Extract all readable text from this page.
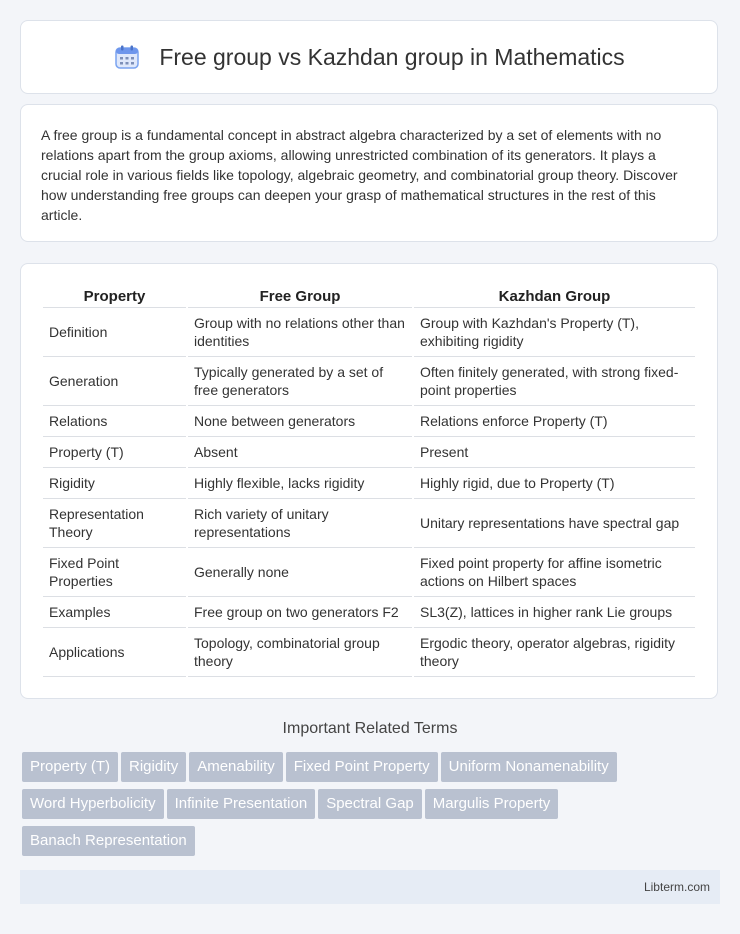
Free group vs Kazhdan group in Mathematics

A free group is a fundamental concept in abstract algebra characterized by a set of elements with no relations apart from the group axioms, allowing unrestricted combination of its generators. It plays a crucial role in various fields like topology, algebraic geometry, and combinatorial group theory. Discover how understanding free groups can deepen your grasp of mathematical structures in the rest of this article.

Property	Free Group	Kazhdan Group
Definition	Group with no relations other than identities	Group with Kazhdan's Property (T), exhibiting rigidity
Generation	Typically generated by a set of free generators	Often finitely generated, with strong fixed-point properties
Relations	None between generators	Relations enforce Property (T)
Property (T)	Absent	Present
Rigidity	Highly flexible, lacks rigidity	Highly rigid, due to Property (T)
Representation Theory	Rich variety of unitary representations	Unitary representations have spectral gap
Fixed Point Properties	Generally none	Fixed point property for affine isometric actions on Hilbert spaces
Examples	Free group on two generators F2	SL3(Z), lattices in higher rank Lie groups
Applications	Topology, combinatorial group theory	Ergodic theory, operator algebras, rigidity theory
Important Related Terms
Property (T) Rigidity Amenability Fixed Point Property Uniform Nonamenability
Word Hyperbolicity Infinite Presentation Spectral Gap Margulis Property
Banach Representation
Libterm.com
